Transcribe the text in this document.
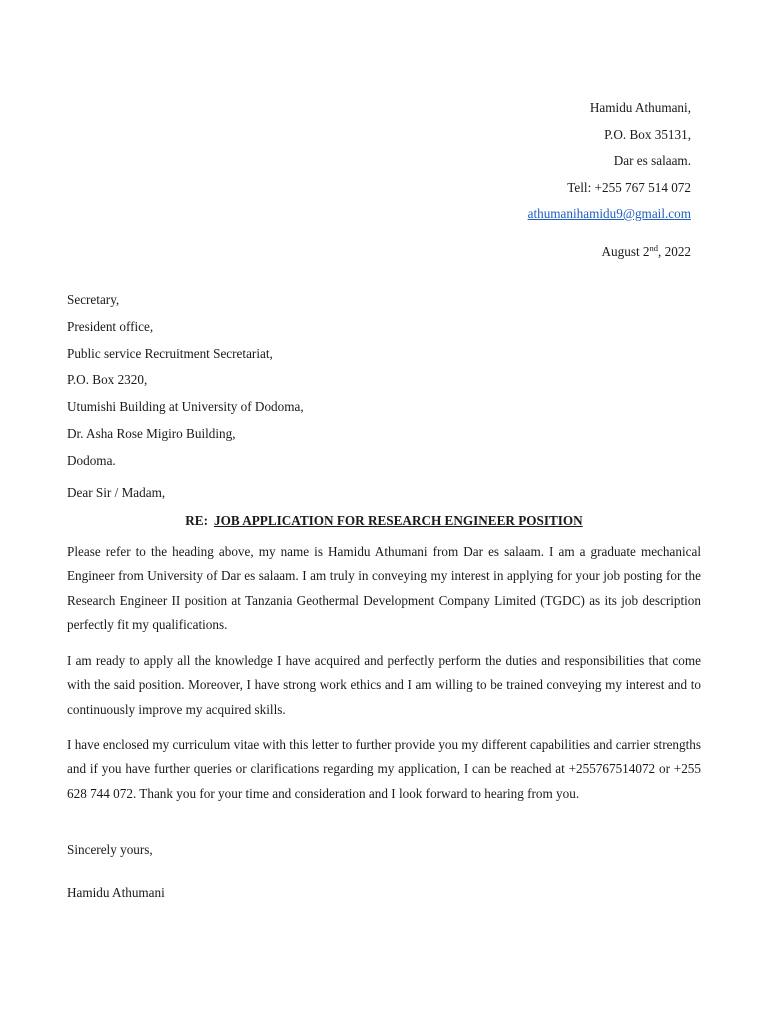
Hamidu Athumani,
P.O. Box 35131,
Dar es salaam.
Tell: +255 767 514 072
athumanihamidu9@gmail.com
August 2nd, 2022
Secretary,
President office,
Public service Recruitment Secretariat,
P.O. Box 2320,
Utumishi Building at University of Dodoma,
Dr. Asha Rose Migiro Building,
Dodoma.
Dear Sir / Madam,
RE: JOB APPLICATION FOR RESEARCH ENGINEER POSITION

Please refer to the heading above, my name is Hamidu Athumani from Dar es salaam. I am a graduate mechanical Engineer from University of Dar es salaam. I am truly in conveying my interest in applying for your job posting for the Research Engineer II position at Tanzania Geothermal Development Company Limited (TGDC) as its job description perfectly fit my qualifications.

I am ready to apply all the knowledge I have acquired and perfectly perform the duties and responsibilities that come with the said position. Moreover, I have strong work ethics and I am willing to be trained conveying my interest and to continuously improve my acquired skills.

I have enclosed my curriculum vitae with this letter to further provide you my different capabilities and carrier strengths and if you have further queries or clarifications regarding my application, I can be reached at +255767514072 or +255 628 744 072. Thank you for your time and consideration and I look forward to hearing from you.

Sincerely yours,
Hamidu Athumani
